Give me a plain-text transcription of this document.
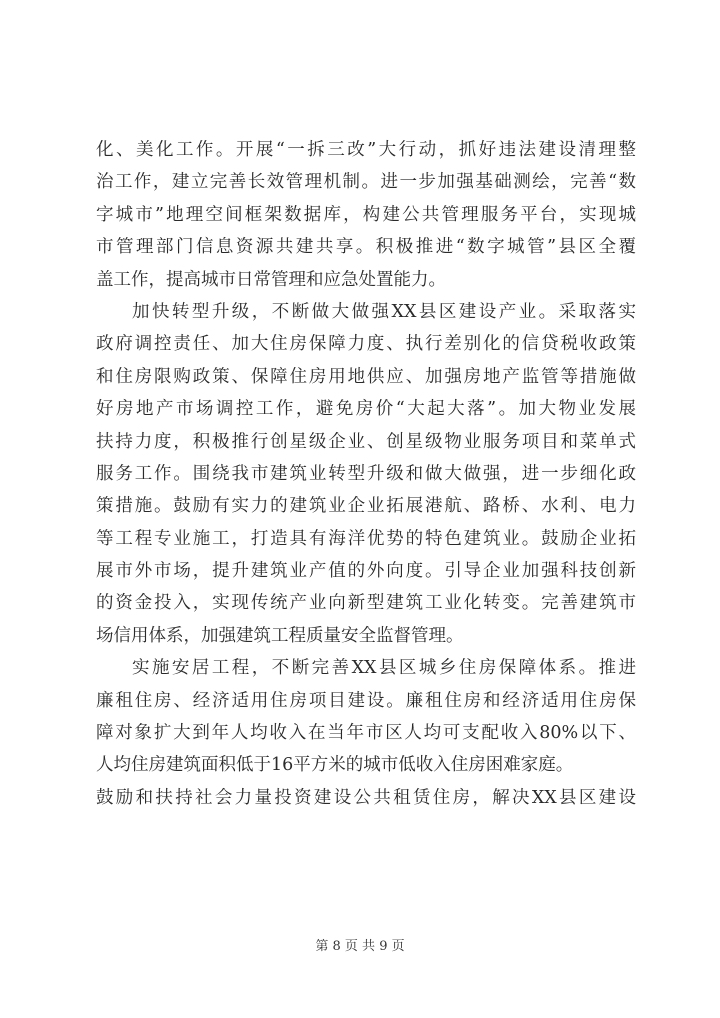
化、美化工作。开展“一拆三改”大行动，抓好违法建设清理整
治工作，建立完善长效管理机制。进一步加强基础测绘，完善“数
字城市”地理空间框架数据库，构建公共管理服务平台，实现城
市管理部门信息资源共建共享。积极推进“数字城管”县区全覆
盖工作，提高城市日常管理和应急处置能力。
加快转型升级，不断做大做强XX县区建设产业。采取落实
政府调控责任、加大住房保障力度、执行差别化的信贷税收政策
和住房限购政策、保障住房用地供应、加强房地产监管等措施做
好房地产市场调控工作，避免房价“大起大落”。加大物业发展
扶持力度，积极推行创星级企业、创星级物业服务项目和菜单式
服务工作。围绕我市建筑业转型升级和做大做强，进一步细化政
策措施。鼓励有实力的建筑业企业拓展港航、路桥、水利、电力
等工程专业施工，打造具有海洋优势的特色建筑业。鼓励企业拓
展市外市场，提升建筑业产值的外向度。引导企业加强科技创新
的资金投入，实现传统产业向新型建筑工业化转变。完善建筑市
场信用体系，加强建筑工程质量安全监督管理。
实施安居工程，不断完善XX县区城乡住房保障体系。推进
廉租住房、经济适用住房项目建设。廉租住房和经济适用住房保
障对象扩大到年人均收入在当年市区人均可支配收入80%以下、
人均住房建筑面积低于16平方米的城市低收入住房困难家庭。
鼓励和扶持社会力量投资建设公共租赁住房，解决XX县区建设
第 8 页 共 9 页
